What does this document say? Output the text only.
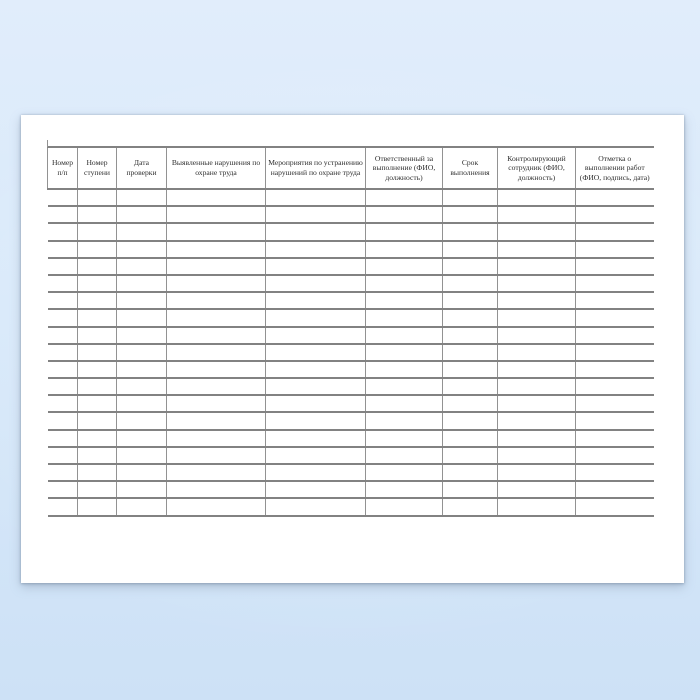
Номер п/п	Номер ступени	Дата проверки	Выявленные нарушения по охране труда	Мероприятия по устранению нарушений по охране труда	Ответственный за выполнение (ФИО, должность)	Срок выполнения	Контролирующий сотрудник (ФИО, должность)	Отметка о выполнении работ (ФИО, подпись, дата)
